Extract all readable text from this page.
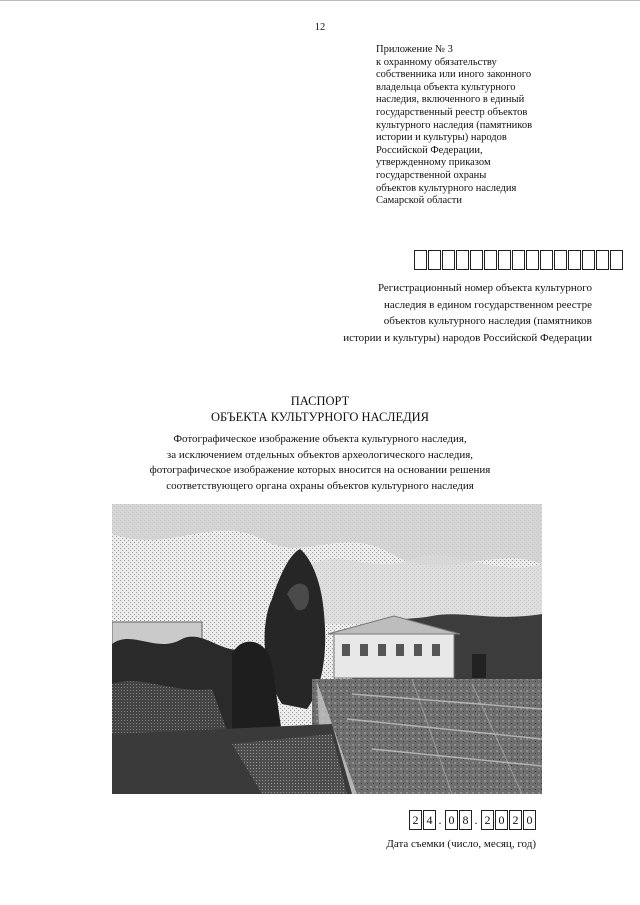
12
Приложение № 3
к охранному обязательству
собственника или иного законного
владельца объекта культурного
наследия, включенного в единый
государственный реестр объектов
культурного наследия (памятников
истории и культуры) народов
Российской Федерации,
утвержденному приказом
государственной охраны
объектов культурного наследия
Самарской области
Регистрационный номер объекта культурного
наследия в едином государственном реестре
объектов культурного наследия (памятников
истории и культуры) народов Российской Федерации
ПАСПОРТ
ОБЪЕКТА КУЛЬТУРНОГО НАСЛЕДИЯ
Фотографическое изображение объекта культурного наследия,
за исключением отдельных объектов археологического наследия,
фотографическое изображение которых вносится на основании решения
соответствующего органа охраны объектов культурного наследия
2 4 . 0 8 . 2 0 2 0
Дата съемки (число, месяц, год)
